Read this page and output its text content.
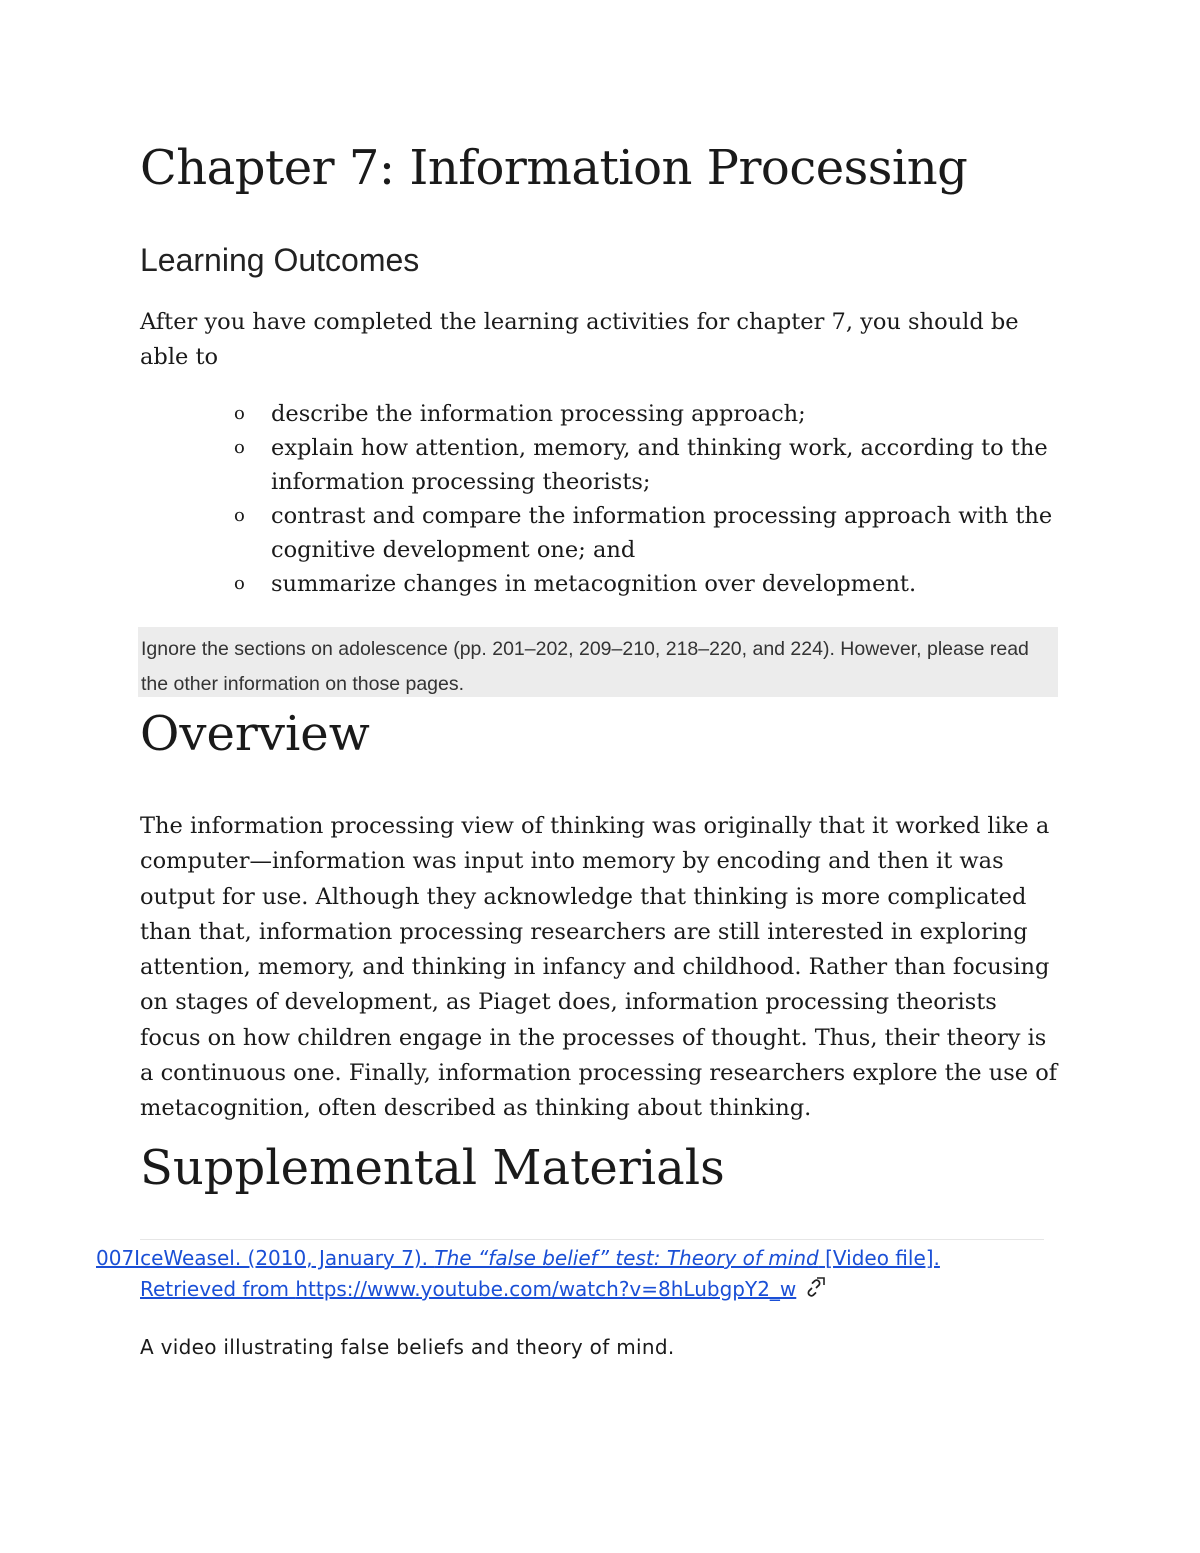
Chapter 7: Information Processing
Learning Outcomes

After you have completed the learning activities for chapter 7, you should be able to

o describe the information processing approach;
o explain how attention, memory, and thinking work, according to the information processing theorists;
o contrast and compare the information processing approach with the cognitive development one; and
o summarize changes in metacognition over development.

Ignore the sections on adolescence (pp. 201–202, 209–210, 218–220, and 224). However, please read the other information on those pages.

Overview

The information processing view of thinking was originally that it worked like a computer—information was input into memory by encoding and then it was output for use. Although they acknowledge that thinking is more complicated than that, information processing researchers are still interested in exploring attention, memory, and thinking in infancy and childhood. Rather than focusing on stages of development, as Piaget does, information processing theorists focus on how children engage in the processes of thought. Thus, their theory is a continuous one. Finally, information processing researchers explore the use of metacognition, often described as thinking about thinking.

Supplemental Materials
007IceWeasel. (2010, January 7). The “false belief” test: Theory of mind [Video file].
Retrieved from https://www.youtube.com/watch?v=8hLubgpY2_w

A video illustrating false beliefs and theory of mind.
